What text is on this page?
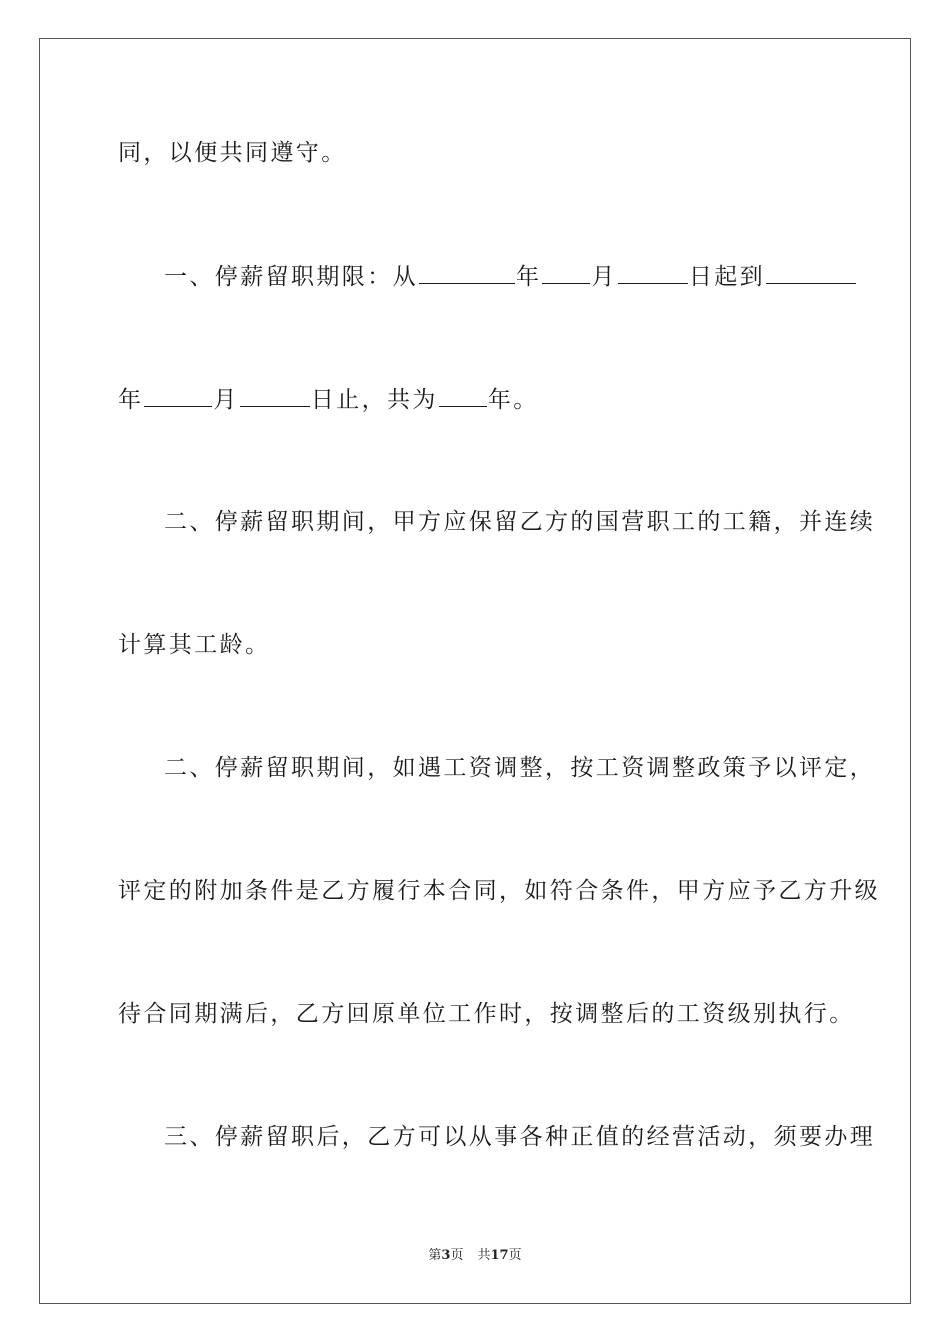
同，以便共同遵守。
一、停薪留职期限：从	年 月	日起到
年	月	日止，共为 年。
二、停薪留职期间，甲方应保留乙方的国营职工的工籍，并连续
计算其工龄。
二、停薪留职期间，如遇工资调整，按工资调整政策予以评定，
评定的附加条件是乙方履行本合同，如符合条件，甲方应予乙方升级
待合同期满后，乙方回原单位工作时，按调整后的工资级别执行。
三、停薪留职后，乙方可以从事各种正值的经营活动，须要办理
第3页 共17页
